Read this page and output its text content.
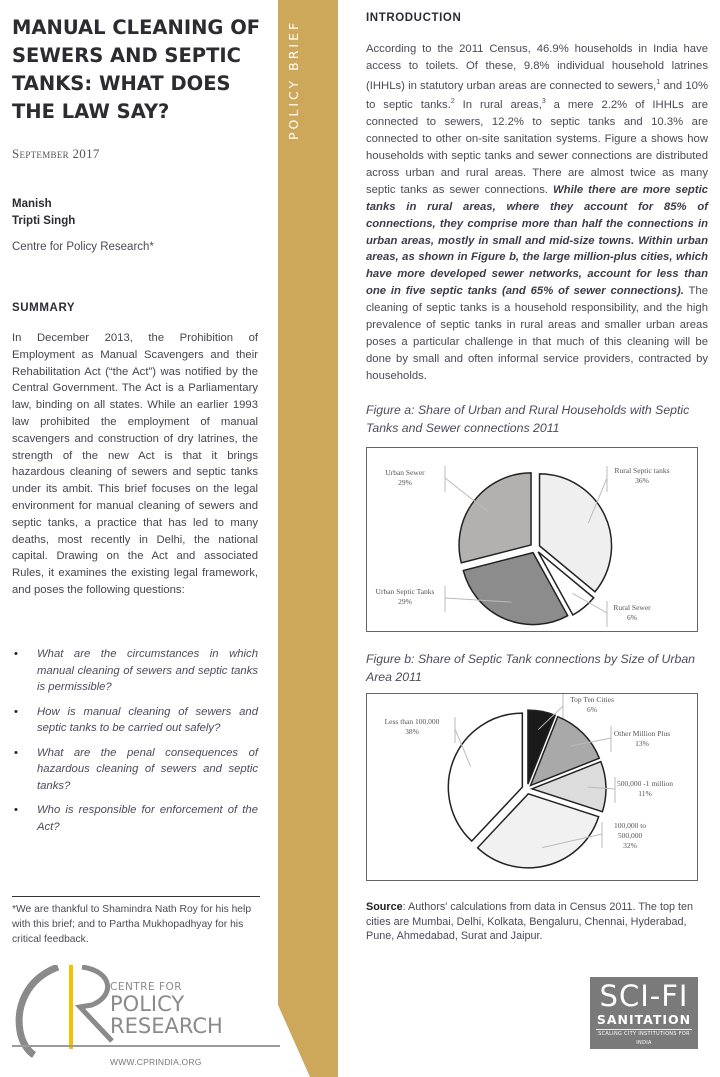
MANUAL CLEANING OF SEWERS AND SEPTIC TANKS: WHAT DOES THE LAW SAY?
September 2017
Manish
Tripti Singh
Centre for Policy Research*
SUMMARY

In December 2013, the Prohibition of Employment as Manual Scavengers and their Rehabilitation Act (“the Act”) was notified by the Central Government. The Act is a Parliamentary law, binding on all states. While an earlier 1993 law prohibited the employment of manual scavengers and construction of dry latrines, the strength of the new Act is that it brings hazardous cleaning of sewers and septic tanks under its ambit. This brief focuses on the legal environment for manual cleaning of sewers and septic tanks, a practice that has led to many deaths, most recently in Delhi, the national capital. Drawing on the Act and associated Rules, it examines the existing legal framework, and poses the following questions:

• What are the circumstances in which manual cleaning of sewers and septic tanks is permissible?
• How is manual cleaning of sewers and septic tanks to be carried out safely?
• What are the penal consequences of hazardous cleaning of sewers and septic tanks?
• Who is responsible for enforcement of the Act?

*We are thankful to Shamindra Nath Roy for his help with this brief; and to Partha Mukhopadhyay for his critical feedback.

CENTRE FOR
POLICY
RESEARCH
WWW.CPRINDIA.ORG
POLICY BRIEF
INTRODUCTION

According to the 2011 Census, 46.9% households in India have access to toilets. Of these, 9.8% individual household latrines (IHHLs) in statutory urban areas are connected to sewers,$^1$ and 10% to septic tanks.$^2$ In rural areas,$^3$ a mere 2.2% of IHHLs are connected to sewers, 12.2% to septic tanks and 10.3% are connected to other on-site sanitation systems. Figure a shows how households with septic tanks and sewer connections are distributed across urban and rural areas. There are almost twice as many septic tanks as sewer connections. While there are more septic tanks in rural areas, where they account for 85% of connections, they comprise more than half the connections in urban areas, mostly in small and mid-size towns. Within urban areas, as shown in Figure b, the large million-plus cities, which have more developed sewer networks, account for less than one in five septic tanks (and 65% of sewer connections). The cleaning of septic tanks is a household responsibility, and the high prevalence of septic tanks in rural areas and smaller urban areas poses a particular challenge in that much of this cleaning will be done by small and often informal service providers, contracted by households.

Figure a: Share of Urban and Rural Households with Septic Tanks and Sewer connections 2011
Rural Septic tanks
36%
Rural Sewer
6%
Urban Septic Tanks
29%
Urban Sewer
29%
Figure b: Share of Septic Tank connections by Size of Urban Area 2011
Top Ten Cities
6%
Other Million Plus
13%
500,000 -1 million
11%
100,000 to
500,000
32%
Less than 100,000
38%

Source: Authors' calculations from data in Census 2011. The top ten cities are Mumbai, Delhi, Kolkata, Bengaluru, Chennai, Hyderabad, Pune, Ahmedabad, Surat and Jaipur.

SCI-FI
SANITATION
SCALING CITY INSTITUTIONS FOR INDIA
